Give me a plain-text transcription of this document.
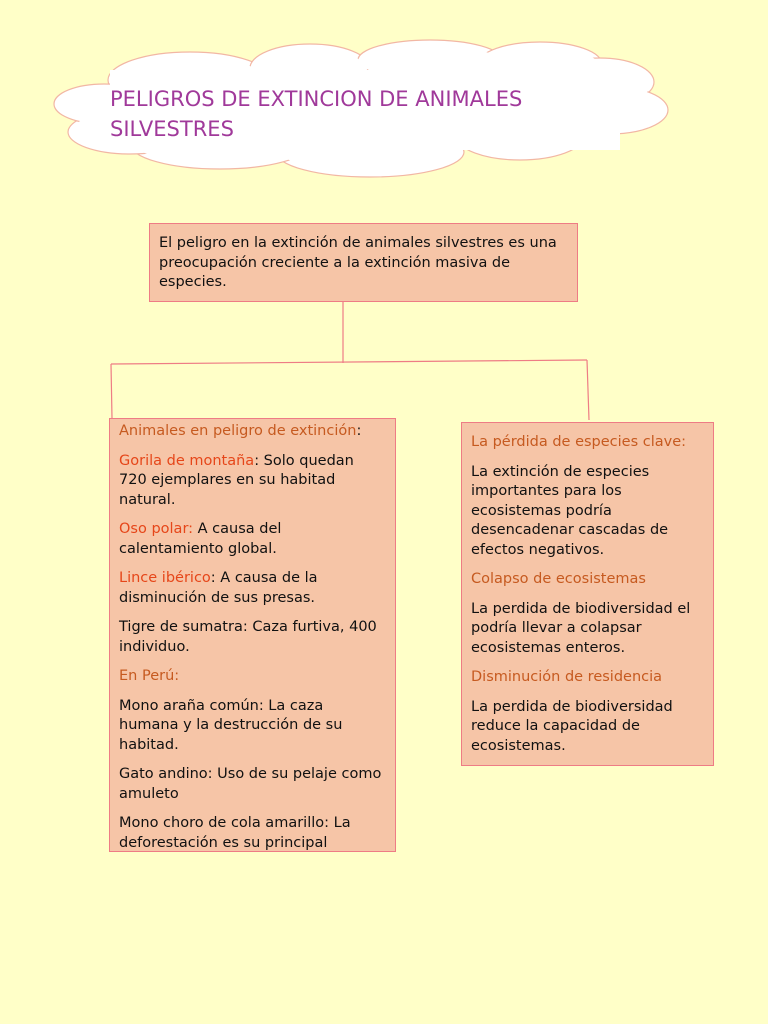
PELIGROS DE EXTINCION DE ANIMALES SILVESTRES
El peligro en la extinción de animales silvestres es una preocupación creciente a la extinción masiva de especies.

Animales en peligro de extinción:

Gorila de montaña: Solo quedan 720 ejemplares en su habitad natural.

Oso polar: A causa del calentamiento global.

Lince ibérico: A causa de la disminución de sus presas.

Tigre de sumatra: Caza furtiva, 400 individuo.

En Perú:

Mono araña común: La caza humana y la destrucción de su habitad.

Gato andino: Uso de su pelaje como amuleto

Mono choro de cola amarillo: La deforestación es su principal

La pérdida de especies clave:

La extinción de especies importantes para los ecosistemas podría desencadenar cascadas de efectos negativos.

Colapso de ecosistemas

La perdida de biodiversidad el podría llevar a colapsar ecosistemas enteros.

Disminución de residencia

La perdida de biodiversidad reduce la capacidad de ecosistemas.
